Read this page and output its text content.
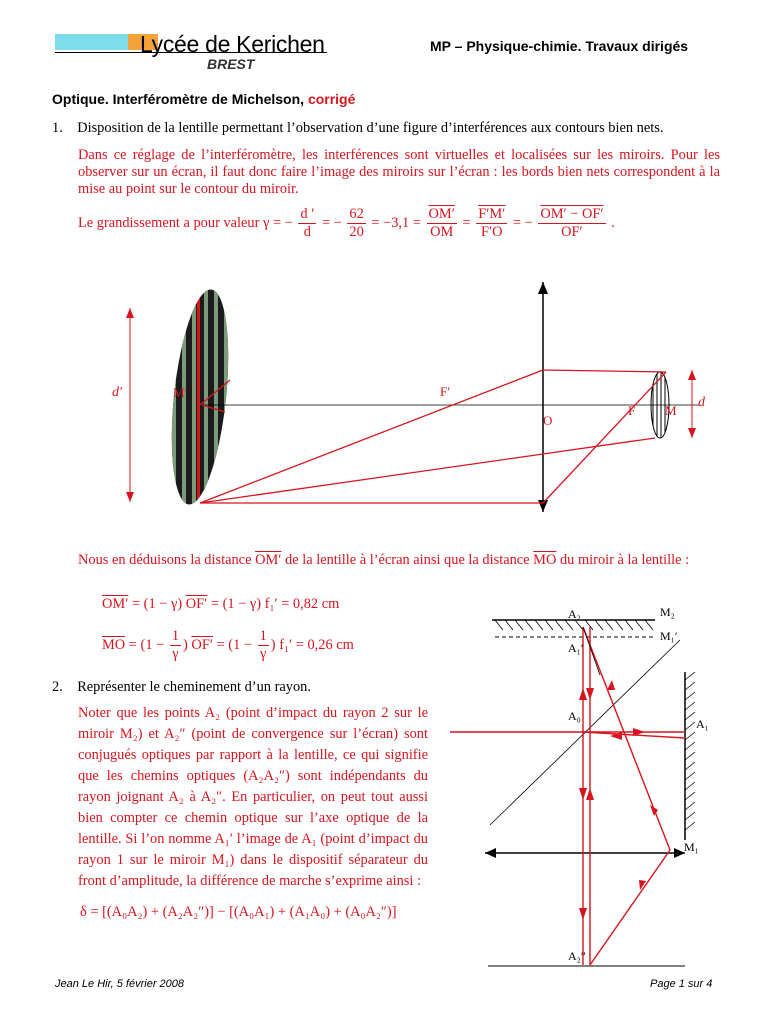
Lycée de Kerichen
BREST
MP – Physique-chimie. Travaux dirigés
Optique. Interféromètre de Michelson, corrigé
1. Disposition de la lentille permettant l’observation d’une figure d’interférences aux contours bien nets.
Dans ce réglage de l’interféromètre, les interférences sont virtuelles et localisées sur les miroirs. Pour les observer sur un écran, il faut donc faire l’image des miroirs sur l’écran : les bords bien nets correspondent à la mise au point sur le contour du miroir.
Le grandissement a pour valeur γ = − $\frac{d '}{d}$ = − $\frac{62}{20} = -3,1 = \frac{OM'}{OM} = \frac{F'M'}{F'O}$ = − $\frac{OM' - OF'}{OF'}$ .
d′	M′	F′
O
F M
d
Nous en déduisons la distance OM′ de la lentille à l’écran ainsi que la distance $\overline{MO}$ du miroir à la lentille :
OM′ = (1 − γ) OF′ = (1 − γ) f₁′ = 0,82 cm
$\overline{MO} = (1 - \frac{1}{\gamma}$ ) $OF' = (1 - \frac{1}{\gamma}$ ) f₁′ = 0,26 cm
2. Représenter le cheminement d’un rayon.
Noter que les points A₂ (point d’impact du rayon 2 sur le miroir M₂) et A₂″ (point de convergence sur l’écran) sont conjugués optiques par rapport à la lentille, ce qui signifie que les chemins optiques (A₂A₂″) sont indépendants du rayon joignant A₂ à A₂″. En particulier, on peut tout aussi bien compter ce chemin optique sur l’axe optique de la lentille. Si l’on nomme A₁′ l’image de A₁ (point d’impact du rayon 1 sur le miroir M₁) dans le dispositif séparateur du front d’amplitude, la différence de marche s’exprime ainsi :
δ = [(A₀A₂) + (A₂A₂″)] − [(A₀A₁) + (A₁A₀) + (A₀A₂″)]
A₂	M₂
M₁′
A₁′
A₀
A₁
M₁
A₂″
Jean Le Hir, 5 février 2008	Page 1 sur 4
